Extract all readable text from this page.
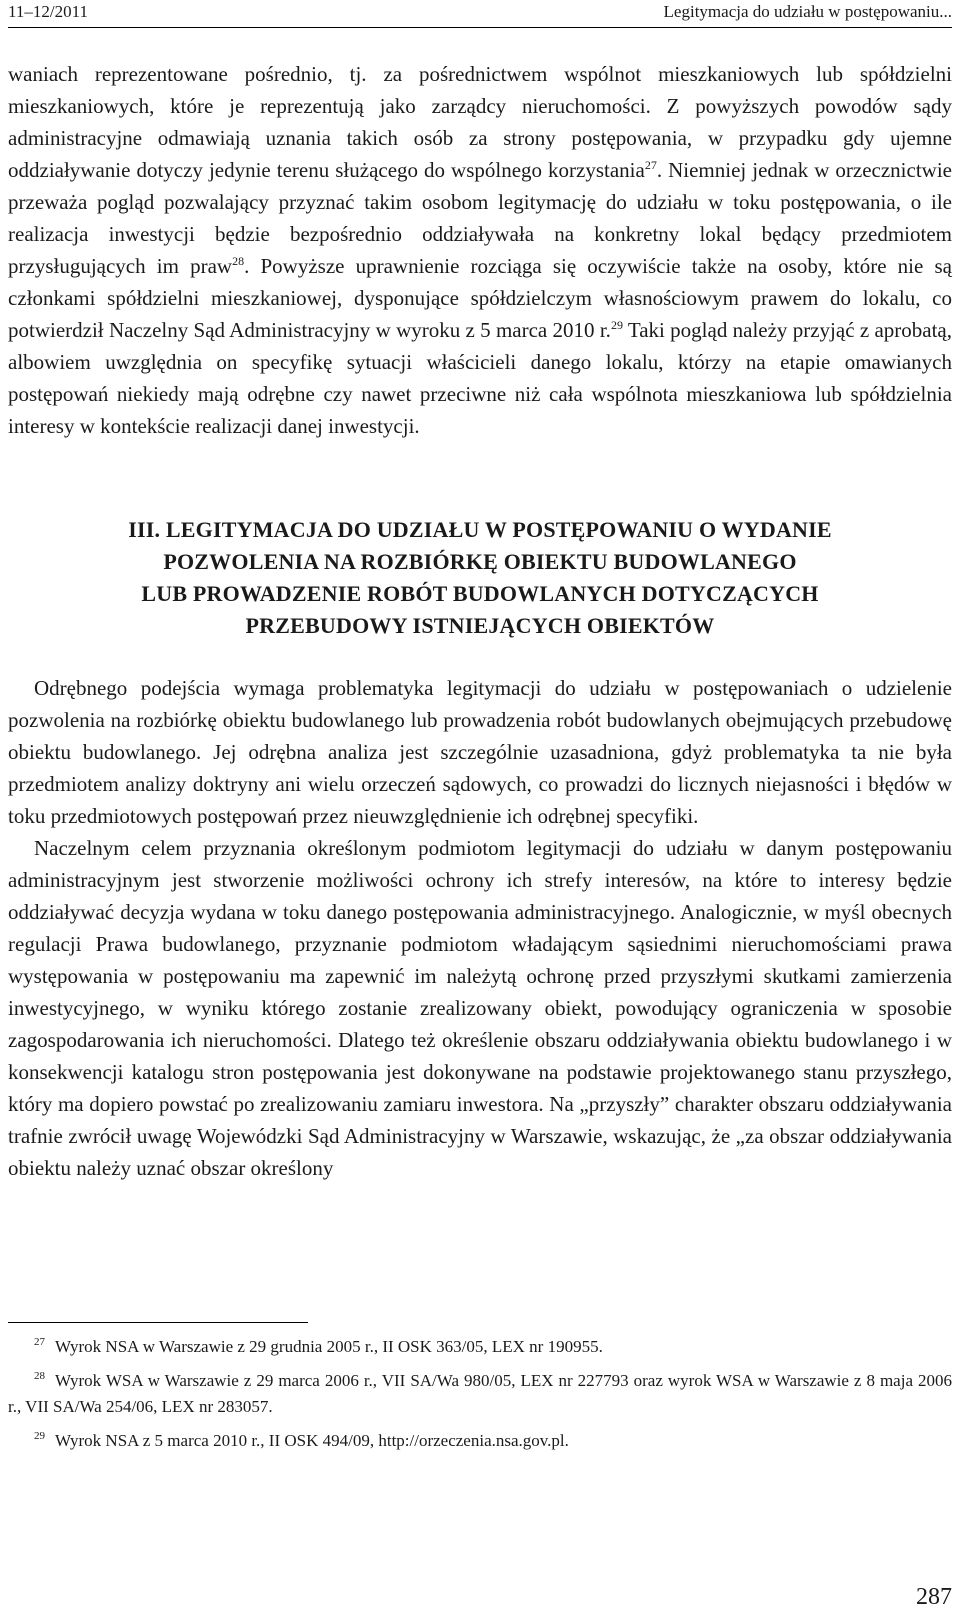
11–12/2011	Legitymacja do udziału w postępowaniu...

waniach reprezentowane pośrednio, tj. za pośrednictwem wspólnot mieszkaniowych lub spółdzielni mieszkaniowych, które je reprezentują jako zarządcy nieruchomości. Z powyższych powodów sądy administracyjne odmawiają uznania takich osób za strony postępowania, w przypadku gdy ujemne oddziaływanie dotyczy jedynie terenu służącego do wspólnego korzystania$^{27}$. Niemniej jednak w orzecznictwie przeważa pogląd pozwalający przyznać takim osobom legitymację do udziału w toku postępowania, o ile realizacja inwestycji będzie bezpośrednio oddziaływała na konkretny lokal będący przedmiotem przysługujących im praw$^{28}$. Powyższe uprawnienie rozciąga się oczywiście także na osoby, które nie są członkami spółdzielni mieszkaniowej, dysponujące spółdzielczym własnościowym prawem do lokalu, co potwierdził Naczelny Sąd Administracyjny w wyroku z 5 marca 2010 r.$^{29}$ Taki pogląd należy przyjąć z aprobatą, albowiem uwzględnia on specyfikę sytuacji właścicieli danego lokalu, którzy na etapie omawianych postępowań niekiedy mają odrębne czy nawet przeciwne niż cała wspólnota mieszkaniowa lub spółdzielnia interesy w kontekście realizacji danej inwestycji.

III. LEGITYMACJA DO UDZIAŁU W POSTĘPOWANIU O WYDANIE
POZWOLENIA NA ROZBIÓRKĘ OBIEKTU BUDOWLANEGO
LUB PROWADZENIE ROBÓT BUDOWLANYCH DOTYCZĄCYCH
PRZEBUDOWY ISTNIEJĄCYCH OBIEKTÓW

Odrębnego podejścia wymaga problematyka legitymacji do udziału w postępowaniach o udzielenie pozwolenia na rozbiórkę obiektu budowlanego lub prowadzenia robót budowlanych obejmujących przebudowę obiektu budowlanego. Jej odrębna analiza jest szczególnie uzasadniona, gdyż problematyka ta nie była przedmiotem analizy doktryny ani wielu orzeczeń sądowych, co prowadzi do licznych niejasności i błędów w toku przedmiotowych postępowań przez nieuwzględnienie ich odrębnej specyfiki.

Naczelnym celem przyznania określonym podmiotom legitymacji do udziału w danym postępowaniu administracyjnym jest stworzenie możliwości ochrony ich strefy interesów, na które to interesy będzie oddziaływać decyzja wydana w toku danego postępowania administracyjnego. Analogicznie, w myśl obecnych regulacji Prawa budowlanego, przyznanie podmiotom władającym sąsiednimi nieruchomościami prawa występowania w postępowaniu ma zapewnić im należytą ochronę przed przyszłymi skutkami zamierzenia inwestycyjnego, w wyniku którego zostanie zrealizowany obiekt, powodujący ograniczenia w sposobie zagospodarowania ich nieruchomości. Dlatego też określenie obszaru oddziaływania obiektu budowlanego i w konsekwencji katalogu stron postępowania jest dokonywane na podstawie projektowanego stanu przyszłego, który ma dopiero powstać po zrealizowaniu zamiaru inwestora. Na „przyszły” charakter obszaru oddziaływania trafnie zwrócił uwagę Wojewódzki Sąd Administracyjny w Warszawie, wskazując, że „za obszar oddziaływania obiektu należy uznać obszar określony

$^{27}$ Wyrok NSA w Warszawie z 29 grudnia 2005 r., II OSK 363/05, LEX nr 190955.

$^{28}$ Wyrok WSA w Warszawie z 29 marca 2006 r., VII SA/Wa 980/05, LEX nr 227793 oraz wyrok WSA w Warszawie z 8 maja 2006 r., VII SA/Wa 254/06, LEX nr 283057.

$^{29}$ Wyrok NSA z 5 marca 2010 r., II OSK 494/09, http://orzeczenia.nsa.gov.pl.

287
